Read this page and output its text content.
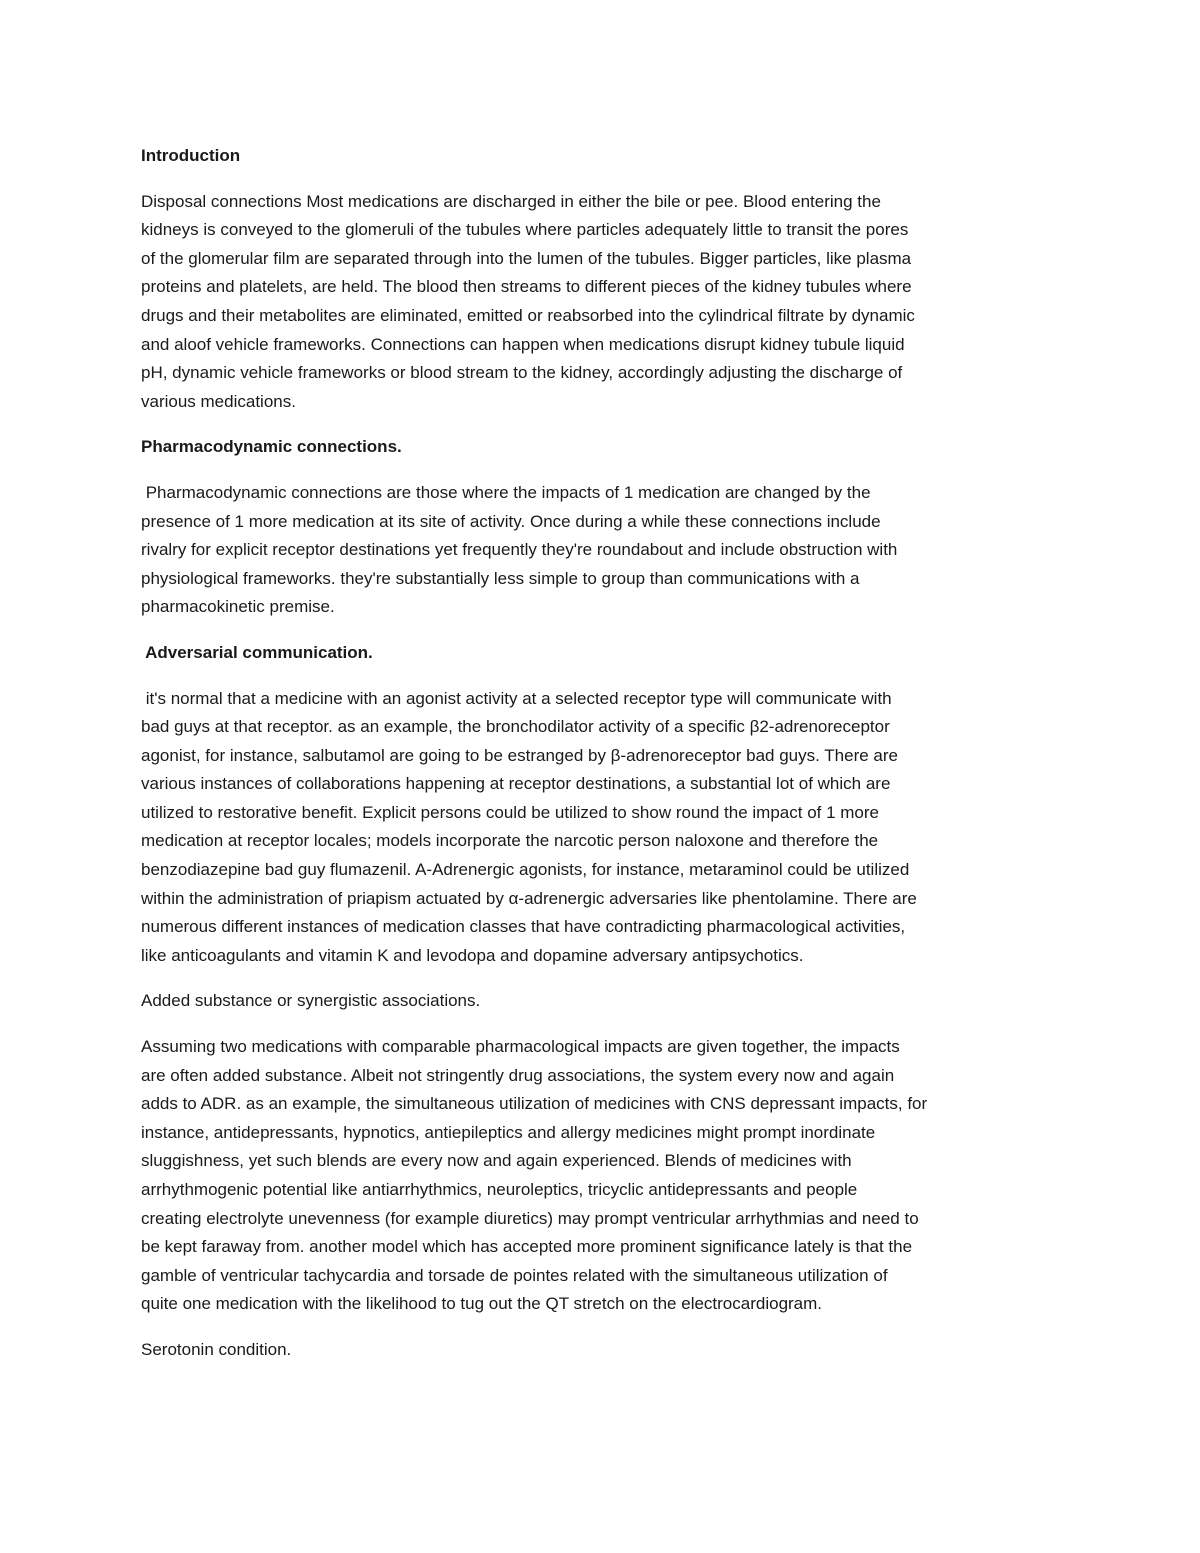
Introduction
Disposal connections Most medications are discharged in either the bile or pee. Blood entering the
kidneys is conveyed to the glomeruli of the tubules where particles adequately little to transit the pores
of the glomerular film are separated through into the lumen of the tubules. Bigger particles, like plasma
proteins and platelets, are held. The blood then streams to different pieces of the kidney tubules where
drugs and their metabolites are eliminated, emitted or reabsorbed into the cylindrical filtrate by dynamic
and aloof vehicle frameworks. Connections can happen when medications disrupt kidney tubule liquid
pH, dynamic vehicle frameworks or blood stream to the kidney, accordingly adjusting the discharge of
various medications.
Pharmacodynamic connections.
Pharmacodynamic connections are those where the impacts of 1 medication are changed by the
presence of 1 more medication at its site of activity. Once during a while these connections include
rivalry for explicit receptor destinations yet frequently they're roundabout and include obstruction with
physiological frameworks. they're substantially less simple to group than communications with a
pharmacokinetic premise.
Adversarial communication.
it's normal that a medicine with an agonist activity at a selected receptor type will communicate with
bad guys at that receptor. as an example, the bronchodilator activity of a specific β2-adrenoreceptor
agonist, for instance, salbutamol are going to be estranged by β-adrenoreceptor bad guys. There are
various instances of collaborations happening at receptor destinations, a substantial lot of which are
utilized to restorative benefit. Explicit persons could be utilized to show round the impact of 1 more
medication at receptor locales; models incorporate the narcotic person naloxone and therefore the
benzodiazepine bad guy flumazenil. A-Adrenergic agonists, for instance, metaraminol could be utilized
within the administration of priapism actuated by α-adrenergic adversaries like phentolamine. There are
numerous different instances of medication classes that have contradicting pharmacological activities,
like anticoagulants and vitamin K and levodopa and dopamine adversary antipsychotics.
Added substance or synergistic associations.
Assuming two medications with comparable pharmacological impacts are given together, the impacts
are often added substance. Albeit not stringently drug associations, the system every now and again
adds to ADR. as an example, the simultaneous utilization of medicines with CNS depressant impacts, for
instance, antidepressants, hypnotics, antiepileptics and allergy medicines might prompt inordinate
sluggishness, yet such blends are every now and again experienced. Blends of medicines with
arrhythmogenic potential like antiarrhythmics, neuroleptics, tricyclic antidepressants and people
creating electrolyte unevenness (for example diuretics) may prompt ventricular arrhythmias and need to
be kept faraway from. another model which has accepted more prominent significance lately is that the
gamble of ventricular tachycardia and torsade de pointes related with the simultaneous utilization of
quite one medication with the likelihood to tug out the QT stretch on the electrocardiogram.
Serotonin condition.
